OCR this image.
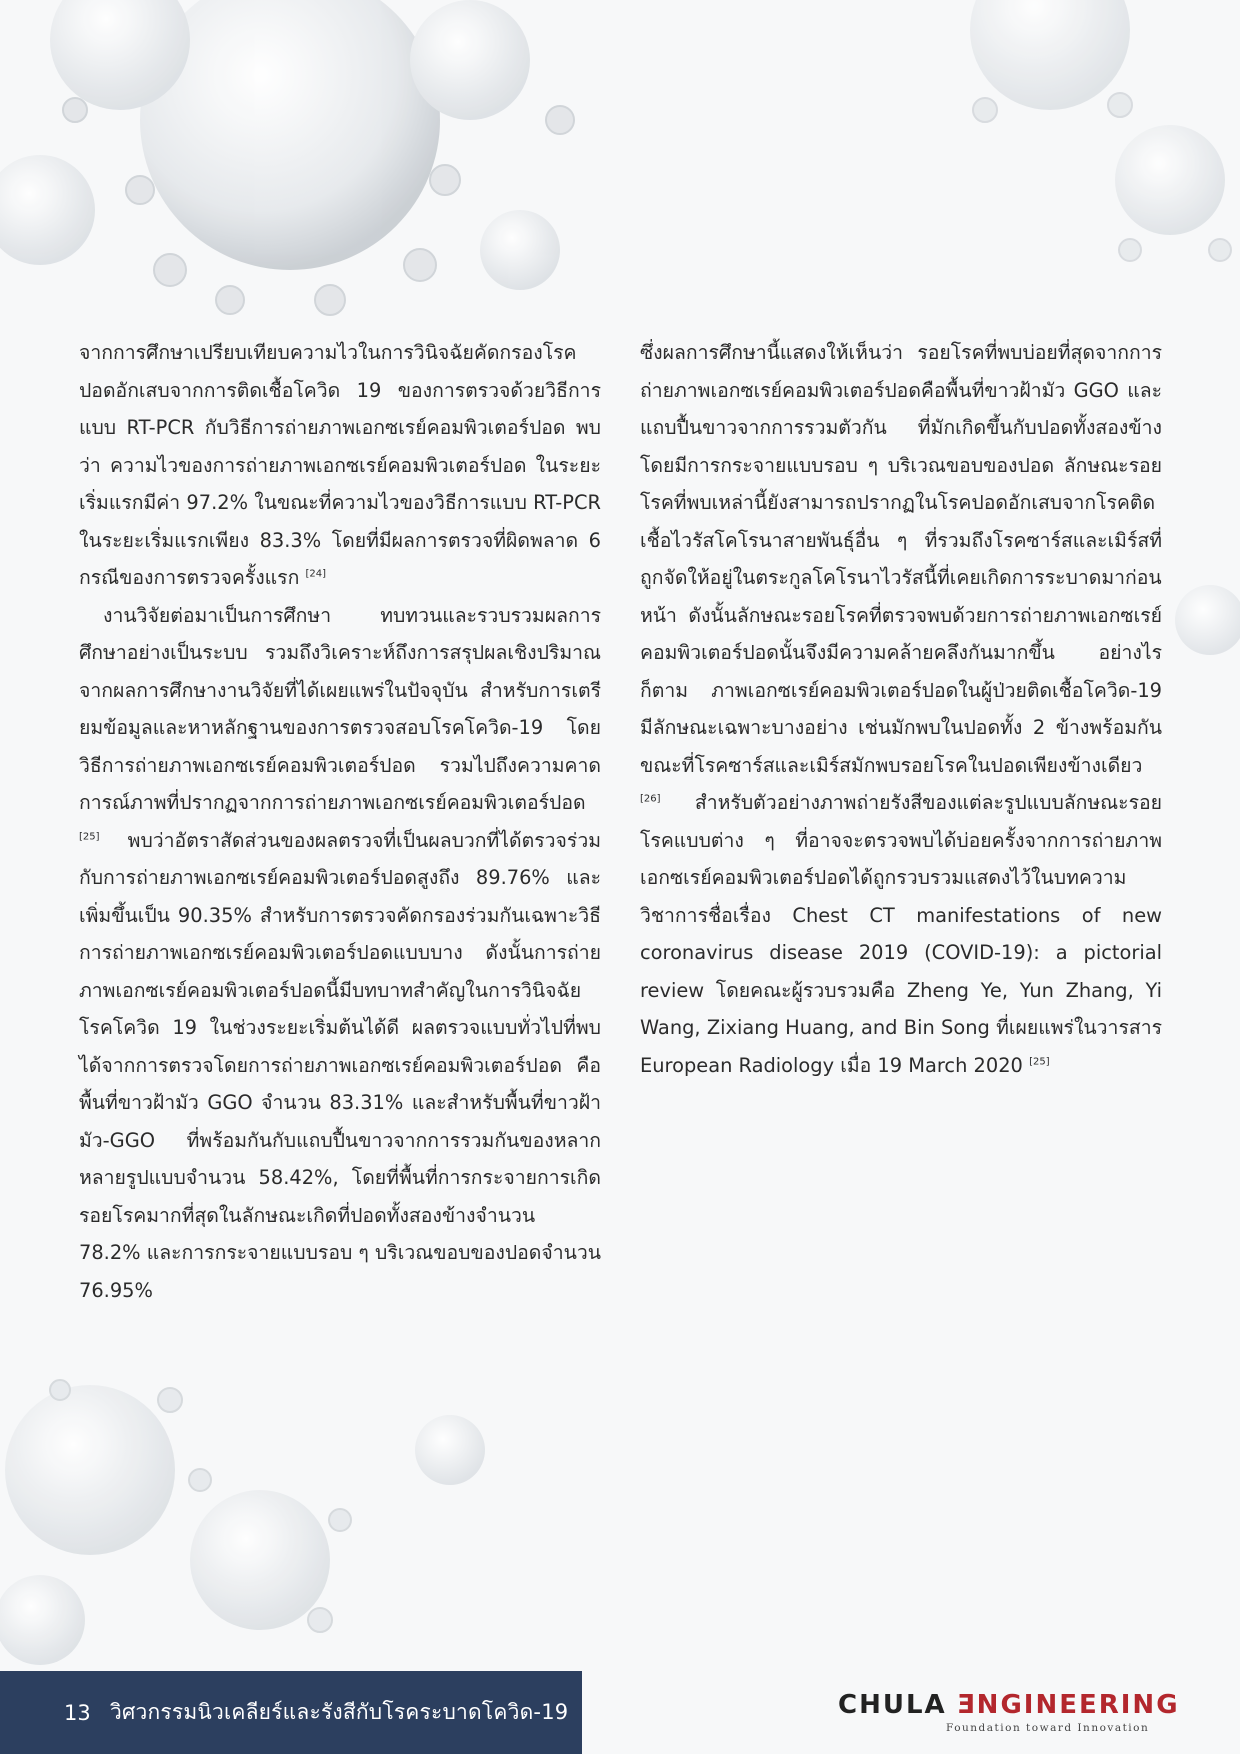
จากการศึกษาเปรียบเทียบความไวในการวินิจฉัยคัดกรองโรคปอดอักเสบจากการติดเชื้อโควิด 19 ของการตรวจด้วยวิธีการแบบ RT-PCR กับวิธีการถ่ายภาพเอกซเรย์คอมพิวเตอร์ปอด พบว่า ความไวของการถ่ายภาพเอกซเรย์คอมพิวเตอร์ปอด ในระยะเริ่มแรกมีค่า 97.2% ในขณะที่ความไวของวิธีการแบบ RT-PCR ในระยะเริ่มแรกเพียง 83.3% โดยที่มีผลการตรวจที่ผิดพลาด 6 กรณีของการตรวจครั้งแรก [24]

งานวิจัยต่อมาเป็นการศึกษา ทบทวนและรวบรวมผลการศึกษาอย่างเป็นระบบ รวมถึงวิเคราะห์ถึงการสรุปผลเชิงปริมาณจากผลการศึกษางานวิจัยที่ได้เผยแพร่ในปัจจุบัน สำหรับการเตรียมข้อมูลและหาหลักฐานของการตรวจสอบโรคโควิด-19 โดยวิธีการถ่ายภาพเอกซเรย์คอมพิวเตอร์ปอด รวมไปถึงความคาดการณ์ภาพที่ปรากฏจากการถ่ายภาพเอกซเรย์คอมพิวเตอร์ปอด [25] พบว่าอัตราสัดส่วนของผลตรวจที่เป็นผลบวกที่ได้ตรวจร่วมกับการถ่ายภาพเอกซเรย์คอมพิวเตอร์ปอดสูงถึง 89.76% และเพิ่มขึ้นเป็น 90.35% สำหรับการตรวจคัดกรองร่วมกันเฉพาะวิธีการถ่ายภาพเอกซเรย์คอมพิวเตอร์ปอดแบบบาง ดังนั้นการถ่ายภาพเอกซเรย์คอมพิวเตอร์ปอดนี้มีบทบาทสำคัญในการวินิจฉัยโรคโควิด 19 ในช่วงระยะเริ่มต้นได้ดี ผลตรวจแบบทั่วไปที่พบได้จากการตรวจโดยการถ่ายภาพเอกซเรย์คอมพิวเตอร์ปอด คือ พื้นที่ขาวฝ้ามัว GGO จำนวน 83.31% และสำหรับพื้นที่ขาวฝ้ามัว-GGO ที่พร้อมกันกับแถบปื้นขาวจากการรวมกันของหลากหลายรูปแบบจำนวน 58.42%, โดยที่พื้นที่การกระจายการเกิดรอยโรคมากที่สุดในลักษณะเกิดที่ปอดทั้งสองข้างจำนวน 78.2% และการกระจายแบบรอบ ๆ บริเวณขอบของปอดจำนวน 76.95%

ซึ่งผลการศึกษานี้แสดงให้เห็นว่า รอยโรคที่พบบ่อยที่สุดจากการถ่ายภาพเอกซเรย์คอมพิวเตอร์ปอดคือพื้นที่ขาวฝ้ามัว GGO และแถบปื้นขาวจากการรวมตัวกัน ที่มักเกิดขึ้นกับปอดทั้งสองข้างโดยมีการกระจายแบบรอบ ๆ บริเวณขอบของปอด ลักษณะรอยโรคที่พบเหล่านี้ยังสามารถปรากฏในโรคปอดอักเสบจากโรคติดเชื้อไวรัสโคโรนาสายพันธุ์อื่น ๆ ที่รวมถึงโรคซาร์สและเมิร์สที่ถูกจัดให้อยู่ในตระกูลโคโรนาไวรัสนี้ที่เคยเกิดการระบาดมาก่อนหน้า ดังนั้นลักษณะรอยโรคที่ตรวจพบด้วยการถ่ายภาพเอกซเรย์คอมพิวเตอร์ปอดนั้นจึงมีความคล้ายคลึงกันมากขึ้น อย่างไรก็ตาม ภาพเอกซเรย์คอมพิวเตอร์ปอดในผู้ป่วยติดเชื้อโควิด-19 มีลักษณะเฉพาะบางอย่าง เช่นมักพบในปอดทั้ง 2 ข้างพร้อมกัน ขณะที่โรคซาร์สและเมิร์สมักพบรอยโรคในปอดเพียงข้างเดียว [26] สำหรับตัวอย่างภาพถ่ายรังสีของแต่ละรูปแบบลักษณะรอยโรคแบบต่าง ๆ ที่อาจจะตรวจพบได้บ่อยครั้งจากการถ่ายภาพเอกซเรย์คอมพิวเตอร์ปอดได้ถูกรวบรวมแสดงไว้ในบทความวิชาการชื่อเรื่อง Chest CT manifestations of new coronavirus disease 2019 (COVID-19): a pictorial review โดยคณะผู้รวบรวมคือ Zheng Ye, Yun Zhang, Yi Wang, Zixiang Huang, and Bin Song ที่เผยแพร่ในวารสาร European Radiology เมื่อ 19 March 2020 [25]

13 วิศวกรรมนิวเคลียร์และรังสีกับโรคระบาดโควิด-19	CHULA ƎNGINEERING
Foundation toward Innovation
